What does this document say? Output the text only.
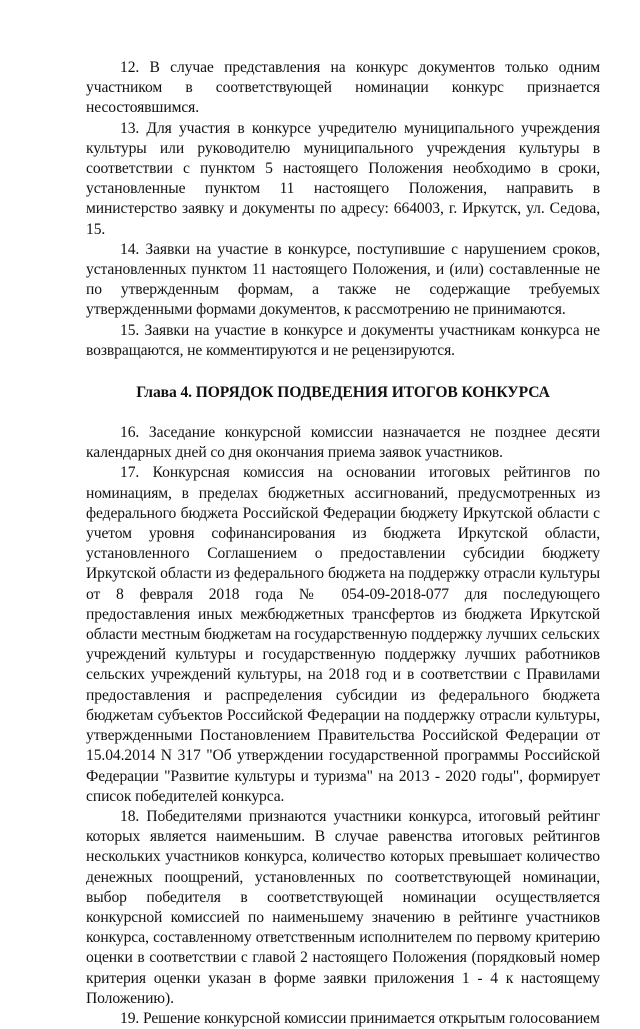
12. В случае представления на конкурс документов только одним участником в соответствующей номинации конкурс признается несостоявшимся.

13. Для участия в конкурсе учредителю муниципального учреждения культуры или руководителю муниципального учреждения культуры в соответствии с пунктом 5 настоящего Положения необходимо в сроки, установленные пунктом 11 настоящего Положения, направить в министерство заявку и документы по адресу: 664003, г. Иркутск, ул. Седова, 15.

14. Заявки на участие в конкурсе, поступившие с нарушением сроков, установленных пунктом 11 настоящего Положения, и (или) составленные не по утвержденным формам, а также не содержащие требуемых утвержденными формами документов, к рассмотрению не принимаются.

15. Заявки на участие в конкурсе и документы участникам конкурса не возвращаются, не комментируются и не рецензируются.

Глава 4. ПОРЯДОК ПОДВЕДЕНИЯ ИТОГОВ КОНКУРСА

16. Заседание конкурсной комиссии назначается не позднее десяти календарных дней со дня окончания приема заявок участников.

17. Конкурсная комиссия на основании итоговых рейтингов по номинациям, в пределах бюджетных ассигнований, предусмотренных из федерального бюджета Российской Федерации бюджету Иркутской области с учетом уровня софинансирования из бюджета Иркутской области, установленного Соглашением о предоставлении субсидии бюджету Иркутской области из федерального бюджета на поддержку отрасли культуры от 8 февраля 2018 года № 054-09-2018-077 для последующего предоставления иных межбюджетных трансфертов из бюджета Иркутской области местным бюджетам на государственную поддержку лучших сельских учреждений культуры и государственную поддержку лучших работников сельских учреждений культуры, на 2018 год и в соответствии с Правилами предоставления и распределения субсидии из федерального бюджета бюджетам субъектов Российской Федерации на поддержку отрасли культуры, утвержденными Постановлением Правительства Российской Федерации от 15.04.2014 N 317 "Об утверждении государственной программы Российской Федерации "Развитие культуры и туризма" на 2013 - 2020 годы", формирует список победителей конкурса.

18. Победителями признаются участники конкурса, итоговый рейтинг которых является наименьшим. В случае равенства итоговых рейтингов нескольких участников конкурса, количество которых превышает количество денежных поощрений, установленных по соответствующей номинации, выбор победителя в соответствующей номинации осуществляется конкурсной комиссией по наименьшему значению в рейтинге участников конкурса, составленному ответственным исполнителем по первому критерию оценки в соответствии с главой 2 настоящего Положения (порядковый номер критерия оценки указан в форме заявки приложения 1 - 4 к настоящему Положению).

19. Решение конкурсной комиссии принимается открытым голосованием
